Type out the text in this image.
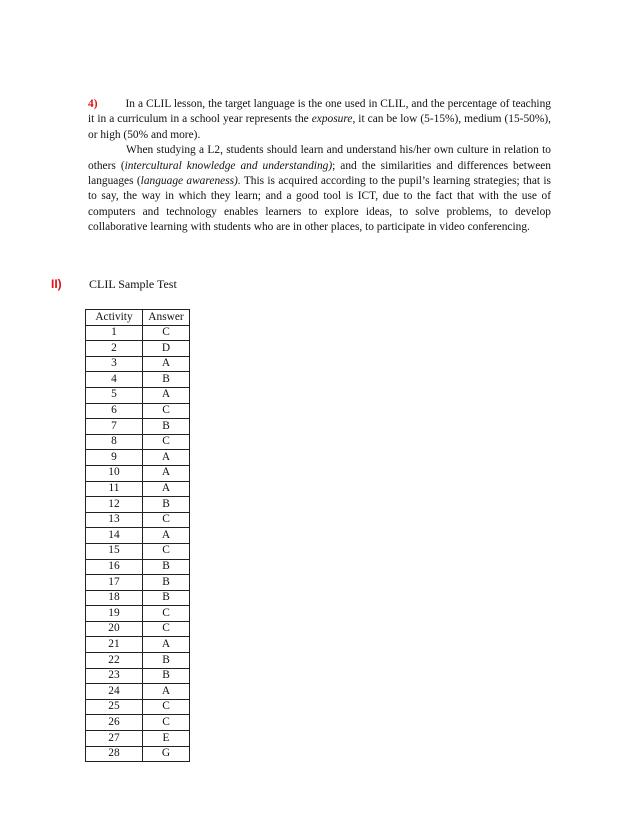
4) In a CLIL lesson, the target language is the one used in CLIL, and the percentage of teaching it in a curriculum in a school year represents the exposure, it can be low (5-15%), medium (15-50%), or high (50% and more).

When studying a L2, students should learn and understand his/her own culture in relation to others (intercultural knowledge and understanding); and the similarities and differences between languages (language awareness). This is acquired according to the pupil’s learning strategies; that is to say, the way in which they learn; and a good tool is ICT, due to the fact that with the use of computers and technology enables learners to explore ideas, to solve problems, to develop collaborative learning with students who are in other places, to participate in video conferencing.

II) CLIL Sample Test
Activity	Answer
1	C
2	D
3	A
4	B
5	A
6	C
7	B
8	C
9	A
10	A
11	A
12	B
13	C
14	A
15	C
16	B
17	B
18	B
19	C
20	C
21	A
22	B
23	B
24	A
25	C
26	C
27	E
28	G
